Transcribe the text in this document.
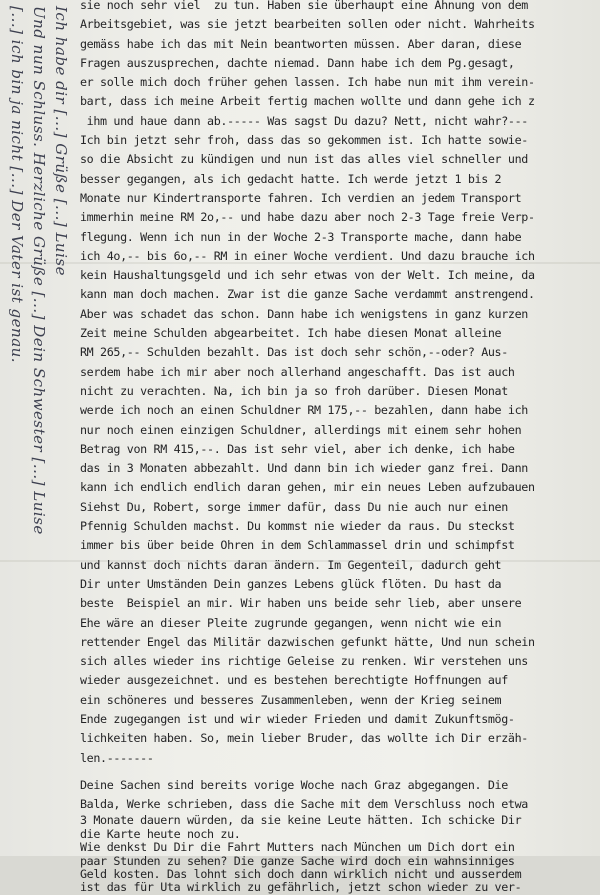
[...] ich bin ja nicht [...] Der Vater ist genau. Und nun Schluss. Herzliche Grüße [...] Dein Schwester [...] Luise Ich habe dir [...] Grüße [...] Luise
sie noch sehr viel  zu tun. Haben sie überhaupt eine Ahnung von dem
Arbeitsgebiet, was sie jetzt bearbeiten sollen oder nicht. Wahrheits
gemäss habe ich das mit Nein beantworten müssen. Aber daran, diese
Fragen auszusprechen, dachte niemad. Dann habe ich dem Pg.gesagt,
er solle mich doch früher gehen lassen. Ich habe nun mit ihm verein-
bart, dass ich meine Arbeit fertig machen wollte und dann gehe ich z
ihm und haue dann ab.----- Was sagst Du dazu? Nett, nicht wahr?---
Ich bin jetzt sehr froh, dass das so gekommen ist. Ich hatte sowie-
so die Absicht zu kündigen und nun ist das alles viel schneller und
besser gegangen, als ich gedacht hatte. Ich werde jetzt 1 bis 2
Monate nur Kindertransporte fahren. Ich verdien an jedem Transport
immerhin meine RM 2o,-- und habe dazu aber noch 2-3 Tage freie Verp-
flegung. Wenn ich nun in der Woche 2-3 Transporte mache, dann habe
ich 4o,-- bis 6o,-- RM in einer Woche verdient. Und dazu brauche ich
kein Haushaltungsgeld und ich sehr etwas von der Welt. Ich meine, da
kann man doch machen. Zwar ist die ganze Sache verdammt anstrengend.
Aber was schadet das schon. Dann habe ich wenigstens in ganz kurzen
Zeit meine Schulden abgearbeitet. Ich habe diesen Monat alleine
RM 265,-- Schulden bezahlt. Das ist doch sehr schön,--oder? Aus-
serdem habe ich mir aber noch allerhand angeschafft. Das ist auch
nicht zu verachten. Na, ich bin ja so froh darüber. Diesen Monat
werde ich noch an einen Schuldner RM 175,-- bezahlen, dann habe ich
nur noch einen einzigen Schuldner, allerdings mit einem sehr hohen
Betrag von RM 415,--. Das ist sehr viel, aber ich denke, ich habe
das in 3 Monaten abbezahlt. Und dann bin ich wieder ganz frei. Dann
kann ich endlich endlich daran gehen, mir ein neues Leben aufzubauen
Siehst Du, Robert, sorge immer dafür, dass Du nie auch nur einen
Pfennig Schulden machst. Du kommst nie wieder da raus. Du steckst
immer bis über beide Ohren in dem Schlammassel drin und schimpfst
und kannst doch nichts daran ändern. Im Gegenteil, dadurch geht
Dir unter Umständen Dein ganzes Lebens glück flöten. Du hast da
beste  Beispiel an mir. Wir haben uns beide sehr lieb, aber unsere
Ehe wäre an dieser Pleite zugrunde gegangen, wenn nicht wie ein
rettender Engel das Militär dazwischen gefunkt hätte, Und nun schein
sich alles wieder ins richtige Geleise zu renken. Wir verstehen uns
wieder ausgezeichnet. und es bestehen berechtigte Hoffnungen auf
ein schöneres und besseres Zusammenleben, wenn der Krieg seinem
Ende zugegangen ist und wir wieder Frieden und damit Zukunftsmög-
lichkeiten haben. So, mein lieber Bruder, das wollte ich Dir erzäh-
len.-------
Deine Sachen sind bereits vorige Woche nach Graz abgegangen. Die
Balda, Werke schrieben, dass die Sache mit dem Verschluss noch etwa
3 Monate dauern würden, da sie keine Leute hätten. Ich schicke Dir
die Karte heute noch zu.
Wie denkst Du Dir die Fahrt Mutters nach München um Dich dort ein
paar Stunden zu sehen? Die ganze Sache wird doch ein wahnsinniges
Geld kosten. Das lohnt sich doch dann wirklich nicht und ausserdem
ist das für Uta wirklich zu gefährlich, jetzt schon wieder zu ver-
